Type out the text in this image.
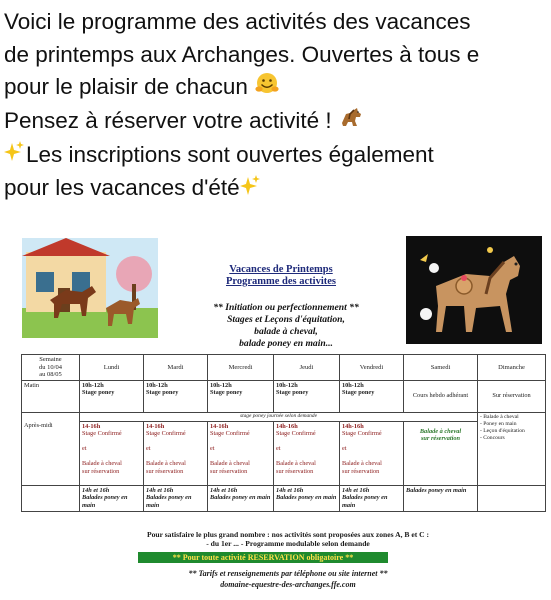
Voici le programme des activités des vacances
de printemps aux Archanges. Ouvertes à tous e
pour le plaisir de chacun
Pensez à réserver votre activité !
Les inscriptions sont ouvertes également
pour les vacances d'été
Vacances de Printemps
Programme des activites
** Initiation ou perfectionnement **
Stages et Leçons d'équitation,
balade à cheval,
balade poney en main...
Semaine
du 10/04
au 08/05	Lundi	Mardi	Mercredi	Jeudi	Vendredi	Samedi	Dimanche
Matin	10h-12h
Stage poney	10h-12h
Stage poney	10h-12h
Stage poney	10h-12h
Stage poney	10h-12h
Stage poney	Cours hebdo adhérant	Sur réservation
	stage poney journée selon demande						- Balade à cheval
- Poney en main
- Leçon d'équitation
- Concours
Après-midi	14-16h
Stage Confirmé

et

Balade à cheval
sur réservation	14-16h
Stage Confirmé

et

Balade à cheval
sur réservation	14-16h
Stage Confirmé

et

Balade à cheval
sur réservation	14h-16h
Stage Confirmé

et

Balade à cheval
sur réservation	14h-16h
Stage Confirmé

et

Balade à cheval
sur réservation	Balade à cheval
sur réservation	
	14h et 16h
Balades poney en main	14h et 16h
Balades poney en main	14h et 16h
Balades poney en main	14h et 16h
Balades poney en main	14h et 16h
Balades poney en main	Balades poney en main	
Pour satisfaire le plus grand nombre : nos activités sont proposées aux zones A, B et C :
- du 1er ... - Programme modulable selon demande
** Pour toute activité RESERVATION obligatoire **
** Tarifs et renseignements par téléphone ou site internet **
domaine-equestre-des-archanges.ffe.com
